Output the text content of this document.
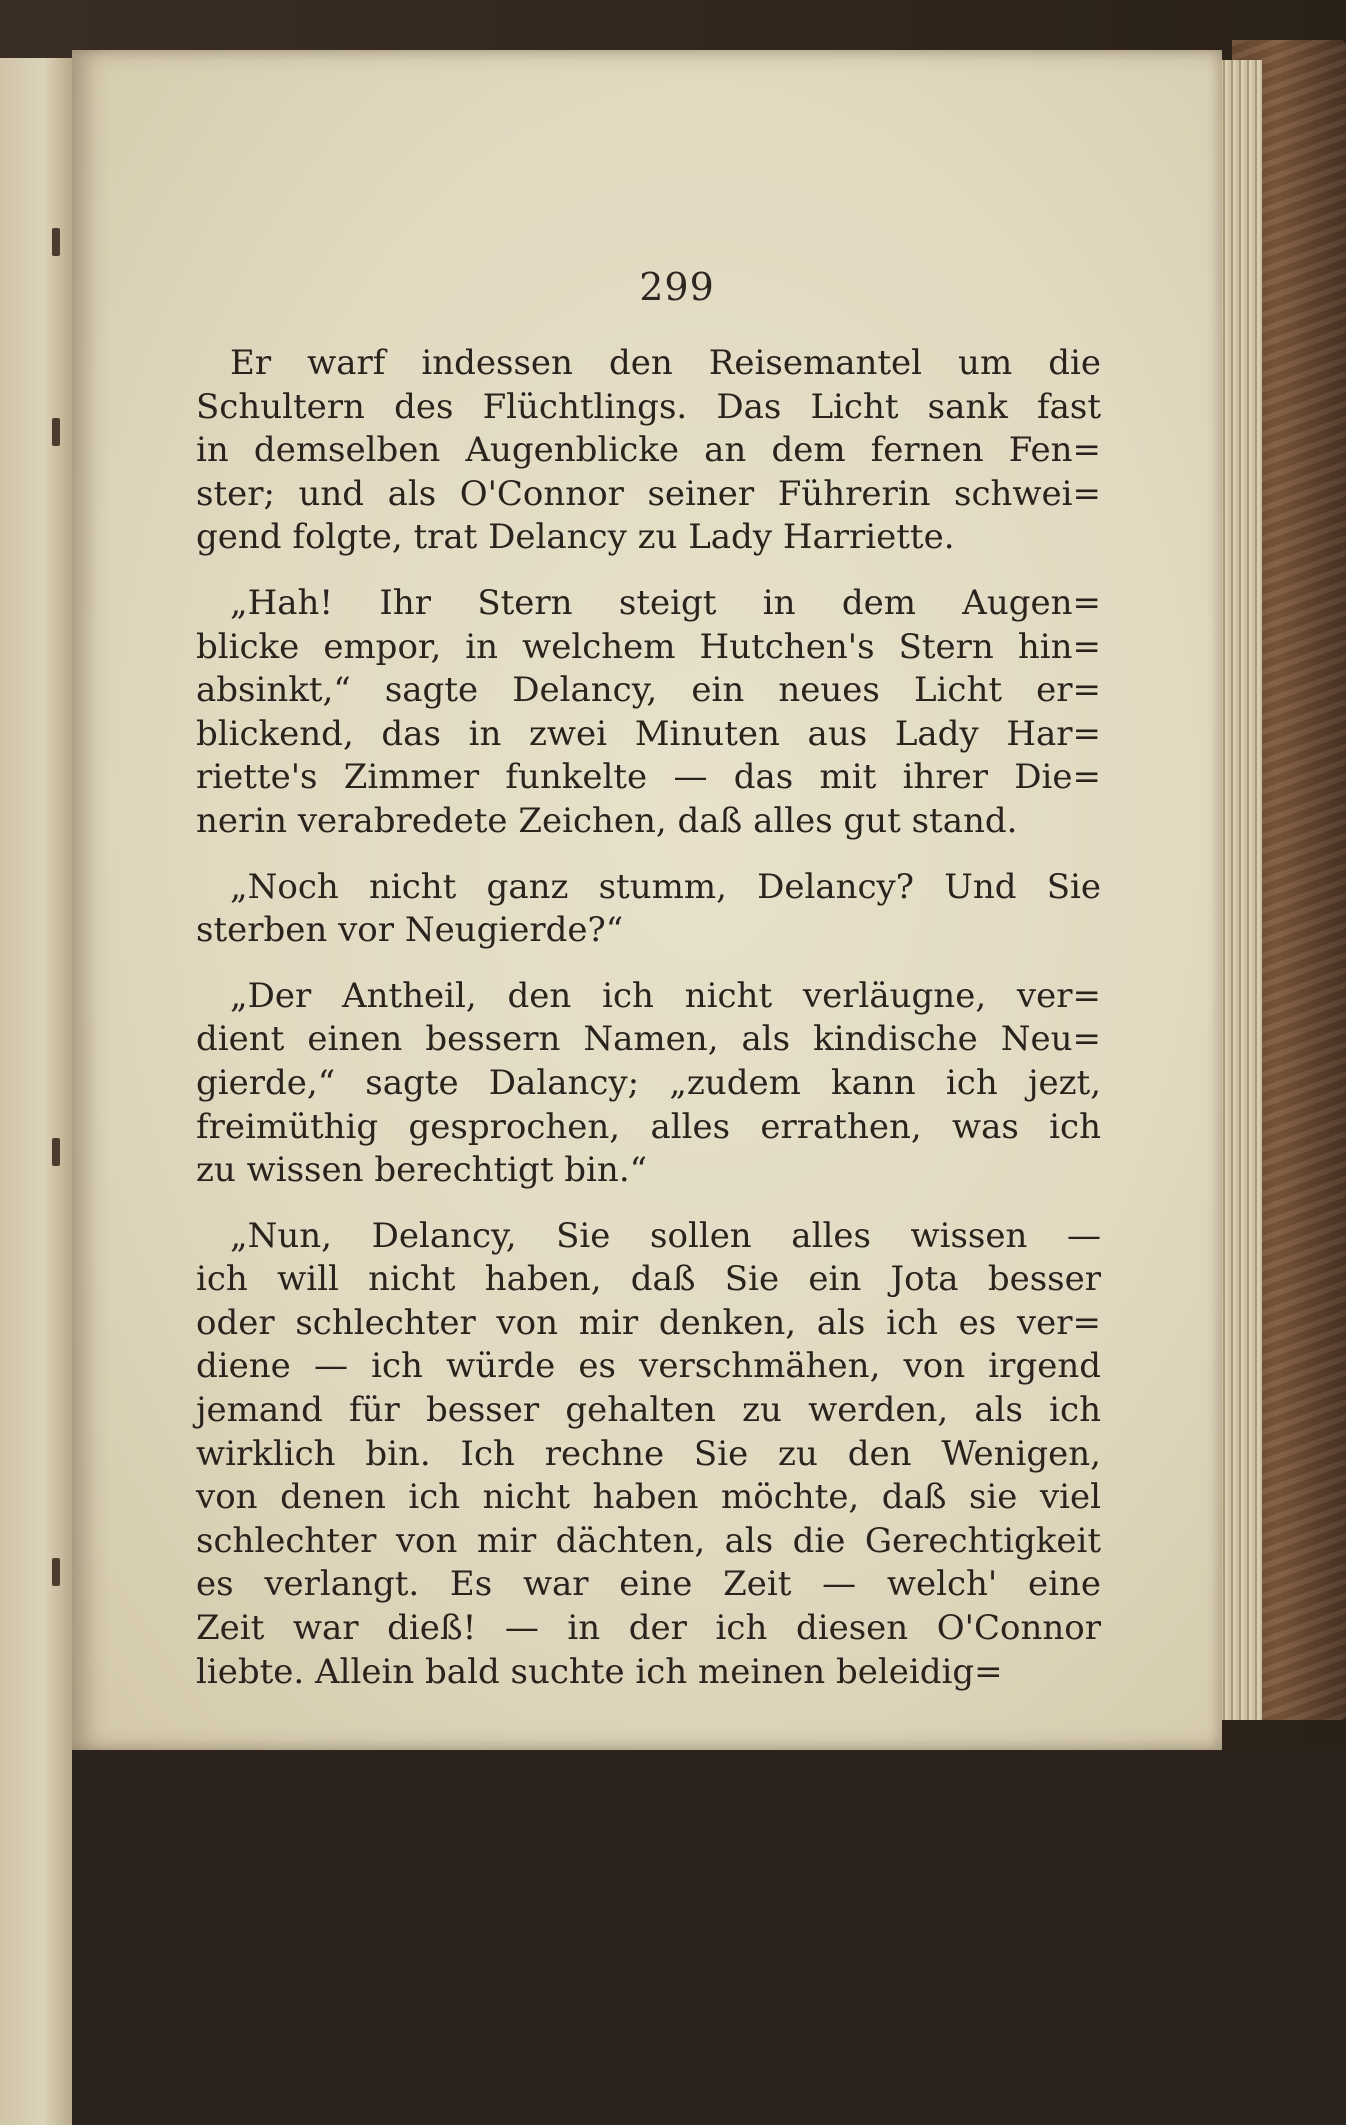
299
Er warf indessen den Reisemantel um die
Schultern des Flüchtlings. Das Licht sank fast
in demselben Augenblicke an dem fernen Fen=
ster; und als O'Connor seiner Führerin schwei=
gend folgte, trat Delancy zu Lady Harriette.
„Hah! Ihr Stern steigt in dem Augen=
blicke empor, in welchem Hutchen's Stern hin=
absinkt,“ sagte Delancy, ein neues Licht er=
blickend, das in zwei Minuten aus Lady Har=
riette's Zimmer funkelte — das mit ihrer Die=
nerin verabredete Zeichen, daß alles gut stand.
„Noch nicht ganz stumm, Delancy? Und Sie
sterben vor Neugierde?“
„Der Antheil, den ich nicht verläugne, ver=
dient einen bessern Namen, als kindische Neu=
gierde,“ sagte Dalancy; „zudem kann ich jezt,
freimüthig gesprochen, alles errathen, was ich
zu wissen berechtigt bin.“
„Nun, Delancy, Sie sollen alles wissen —
ich will nicht haben, daß Sie ein Jota besser
oder schlechter von mir denken, als ich es ver=
diene — ich würde es verschmähen, von irgend
jemand für besser gehalten zu werden, als ich
wirklich bin. Ich rechne Sie zu den Wenigen,
von denen ich nicht haben möchte, daß sie viel
schlechter von mir dächten, als die Gerechtigkeit
es verlangt. Es war eine Zeit — welch' eine
Zeit war dieß! — in der ich diesen O'Connor
liebte. Allein bald suchte ich meinen beleidig=
